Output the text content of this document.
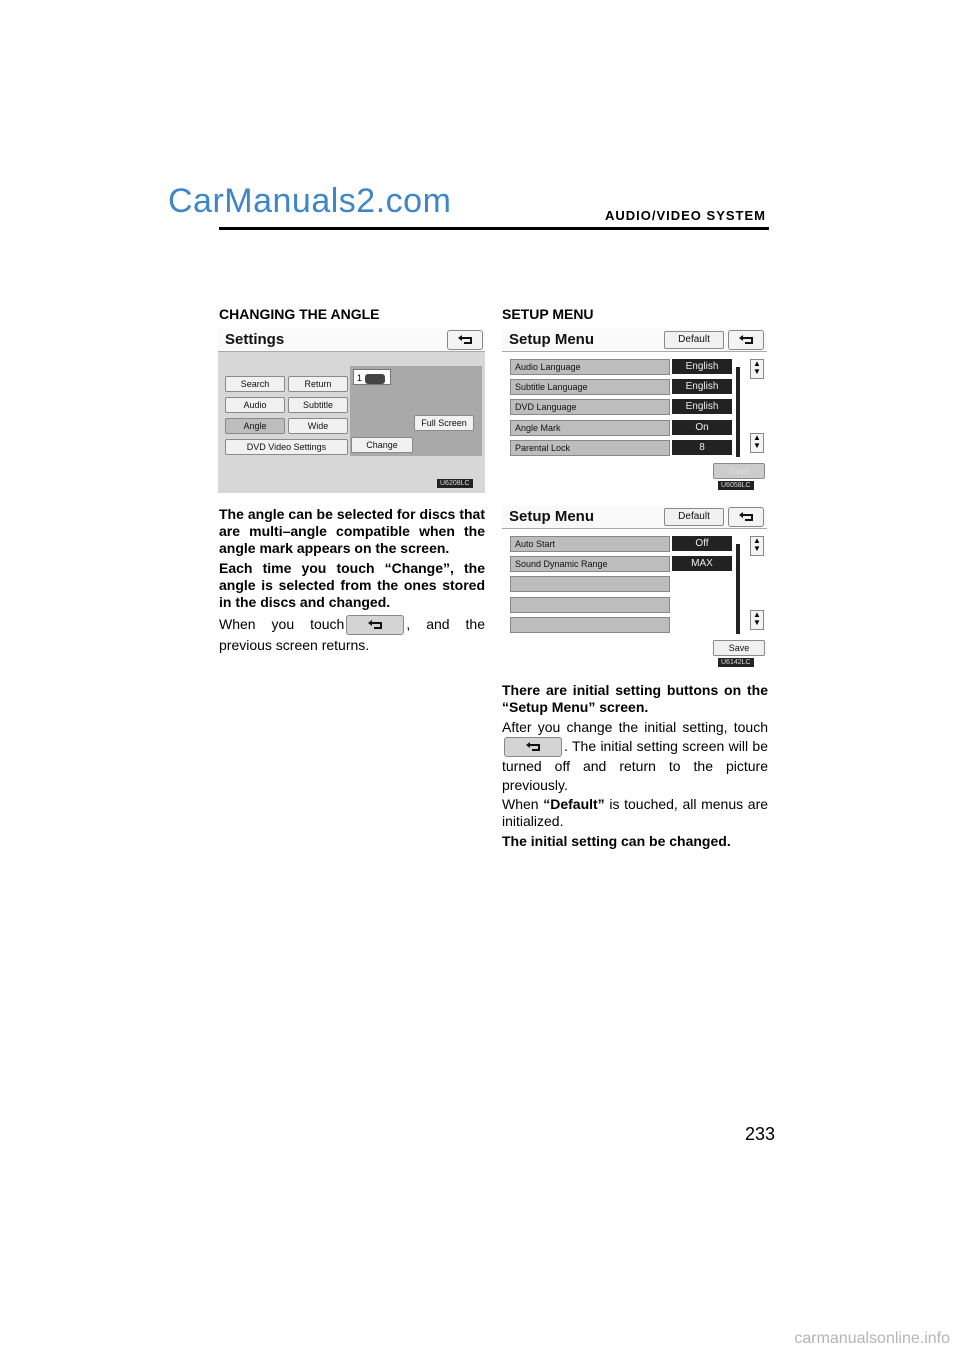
CarManuals2.com	AUDIO/VIDEO SYSTEM
CHANGING THE ANGLE
Settings
1
Search	Return
Audio	Subtitle
Angle	Wide
DVD Video Settings	Change
Full Screen
U6208LC
The angle can be selected for discs that are multi–angle compatible when the angle mark appears on the screen.
Each time you touch “Change”, the angle is selected from the ones stored in the discs and changed.
When you touch	, and the previous screen returns.
SETUP MENU
Setup Menu	Default
Audio Language	English
Subtitle Language	English
DVD Language	English
Angle Mark	On
Parental Lock	8
▲
▼
▲
▼
Save
U6058LC
Setup Menu	Default
Auto Start	Off
Sound Dynamic Range	MAX
▲
▼
▲
▼
Save
U6142LC
There are initial setting buttons on the “Setup Menu” screen.
After you change the initial setting, touch
. The initial setting screen will be turned off and return to the picture previously.
When “Default” is touched, all menus are initialized.
The initial setting can be changed.
233
carmanualsonline.info
